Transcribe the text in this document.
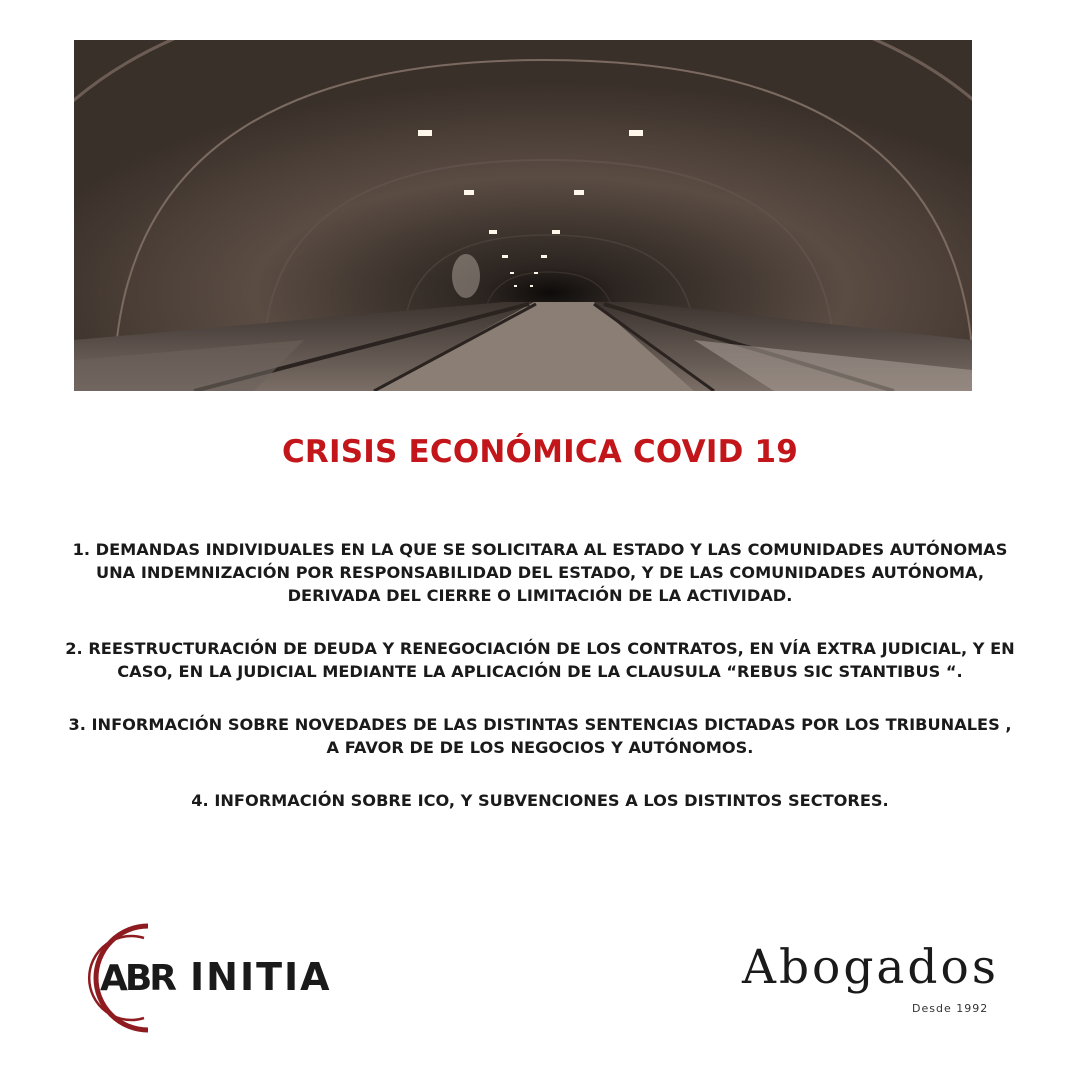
CRISIS ECONÓMICA COVID 19
1. DEMANDAS INDIVIDUALES EN LA QUE SE SOLICITARA AL ESTADO Y LAS COMUNIDADES AUTÓNOMAS
UNA INDEMNIZACIÓN POR RESPONSABILIDAD DEL ESTADO, Y DE LAS COMUNIDADES AUTÓNOMA,
DERIVADA DEL CIERRE O LIMITACIÓN DE LA ACTIVIDAD.
2. REESTRUCTURACIÓN DE DEUDA Y RENEGOCIACIÓN DE LOS CONTRATOS, EN VÍA EXTRA JUDICIAL, Y EN
CASO, EN LA JUDICIAL MEDIANTE LA APLICACIÓN DE LA CLAUSULA “REBUS SIC STANTIBUS “.
3. INFORMACIÓN SOBRE NOVEDADES DE LAS DISTINTAS SENTENCIAS DICTADAS POR LOS TRIBUNALES ,
A FAVOR DE DE LOS NEGOCIOS Y AUTÓNOMOS.
4. INFORMACIÓN SOBRE ICO, Y SUBVENCIONES A LOS DISTINTOS SECTORES.
ABR INITIA	Abogados
Desde 1992
